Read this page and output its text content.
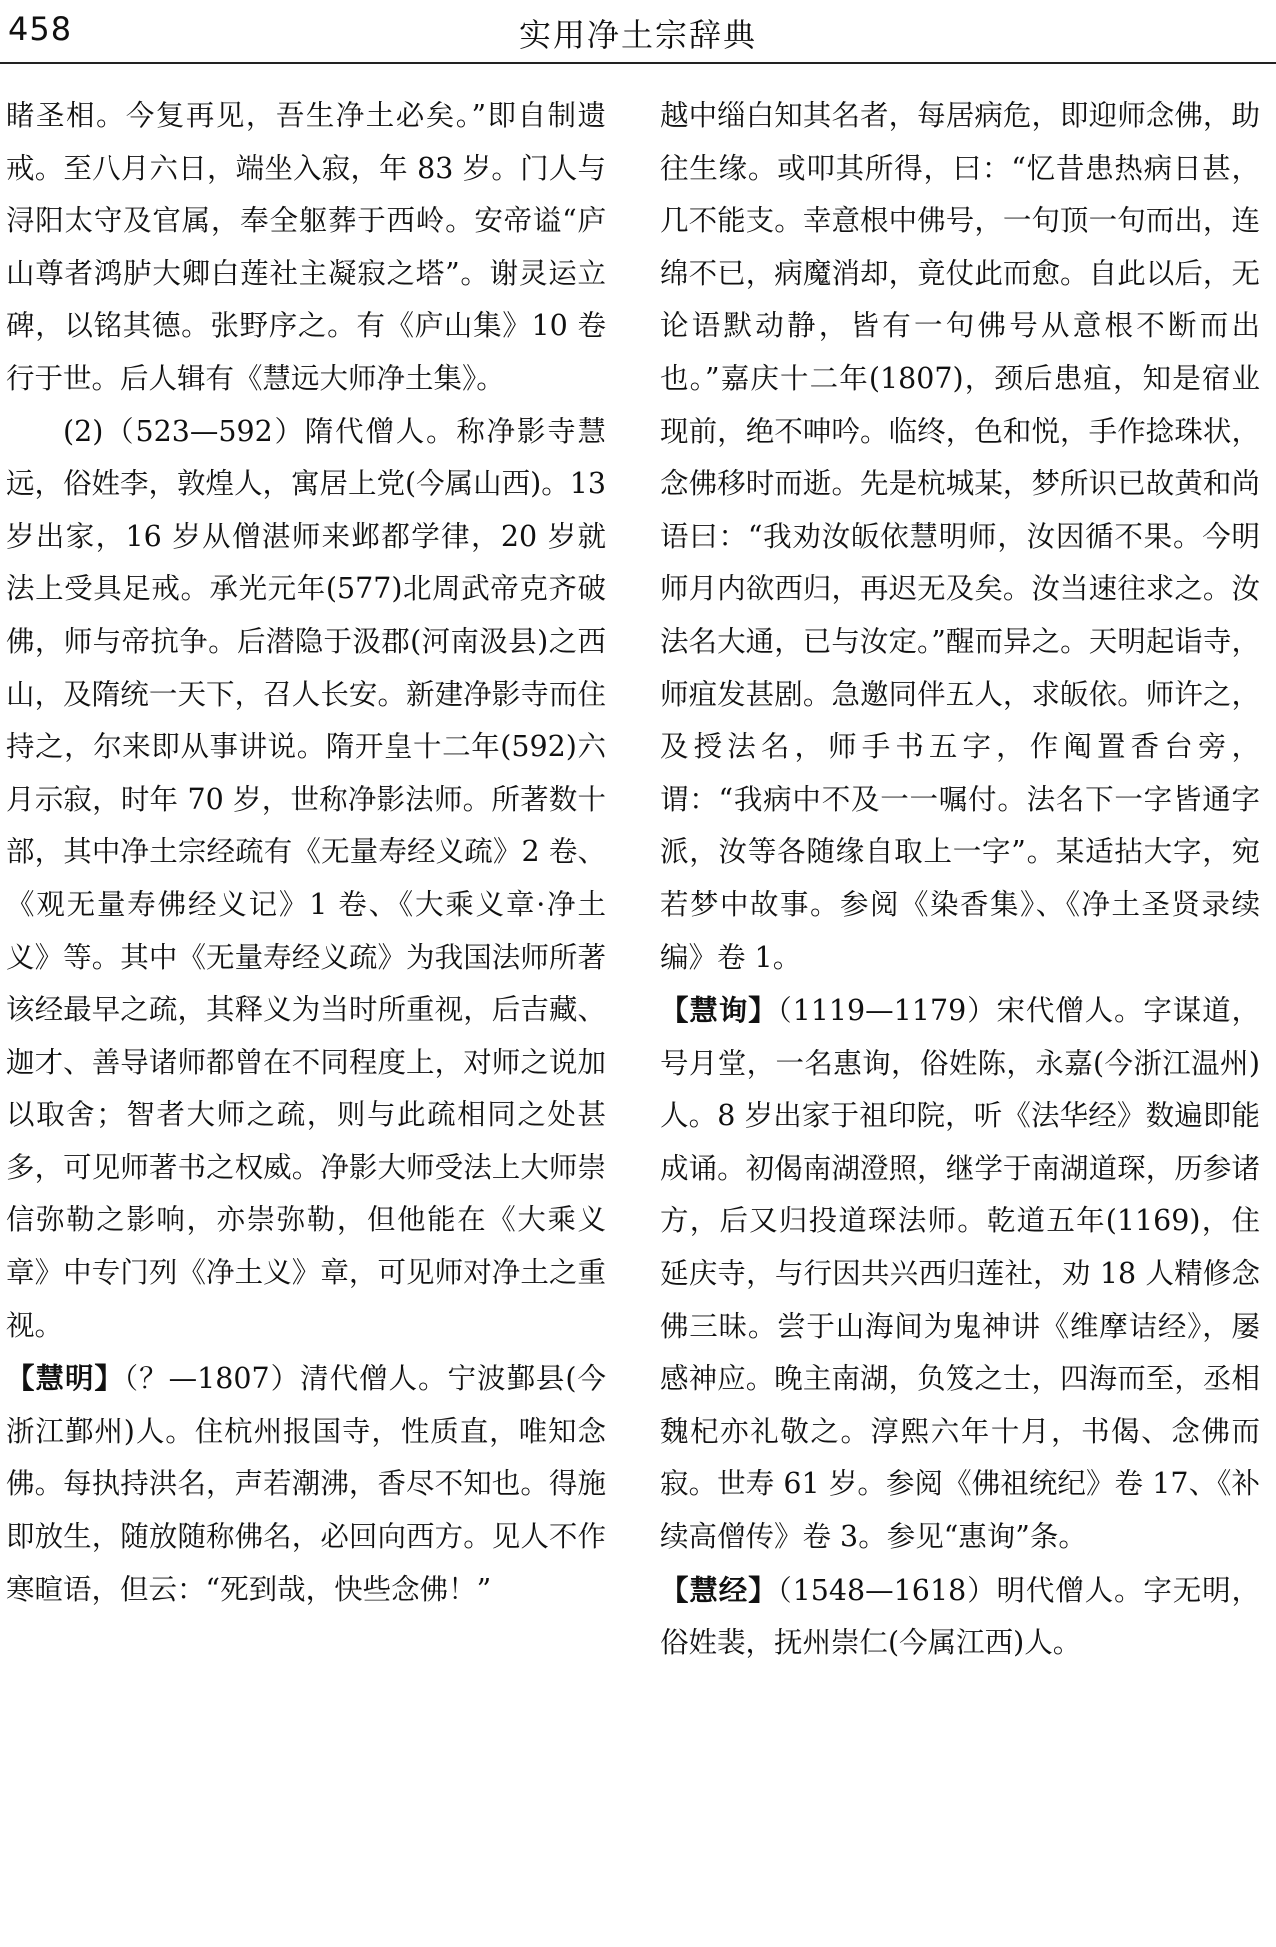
458	实用净土宗辞典

睹圣相。今复再见，吾生净土必矣。”即自制遗戒。至八月六日，端坐入寂，年 83 岁。门人与浔阳太守及官属，奉全躯葬于西岭。安帝谥“庐山尊者鸿胪大卿白莲社主凝寂之塔”。谢灵运立碑，以铭其德。张野序之。有《庐山集》10 卷行于世。后人辑有《慧远大师净土集》。

(2)（523—592）隋代僧人。称净影寺慧远，俗姓李，敦煌人，寓居上党(今属山西)。13 岁出家，16 岁从僧湛师来邺都学律，20 岁就法上受具足戒。承光元年(577)北周武帝克齐破佛，师与帝抗争。后潜隐于汲郡(河南汲县)之西山，及隋统一天下，召人长安。新建净影寺而住持之，尔来即从事讲说。隋开皇十二年(592)六月示寂，时年 70 岁，世称净影法师。所著数十部，其中净土宗经疏有《无量寿经义疏》2 卷、《观无量寿佛经义记》1 卷、《大乘义章·净土义》等。其中《无量寿经义疏》为我国法师所著该经最早之疏，其释义为当时所重视，后吉藏、迦才、善导诸师都曾在不同程度上，对师之说加以取舍；智者大师之疏，则与此疏相同之处甚多，可见师著书之权威。净影大师受法上大师崇信弥勒之影响，亦崇弥勒，但他能在《大乘义章》中专门列《净土义》章，可见师对净土之重视。

【慧明】（？—1807）清代僧人。宁波鄞县(今浙江鄞州)人。住杭州报国寺，性质直，唯知念佛。每执持洪名，声若潮沸，香尽不知也。得施即放生，随放随称佛名，必回向西方。见人不作寒暄语，但云：“死到哉，快些念佛！”

越中缁白知其名者，每居病危，即迎师念佛，助往生缘。或叩其所得，曰：“忆昔患热病日甚，几不能支。幸意根中佛号，一句顶一句而出，连绵不已，病魔消却，竟仗此而愈。自此以后，无论语默动静，皆有一句佛号从意根不断而出也。”嘉庆十二年(1807)，颈后患疽，知是宿业现前，绝不呻吟。临终，色和悦，手作捻珠状，念佛移时而逝。先是杭城某，梦所识已故黄和尚语曰：“我劝汝皈依慧明师，汝因循不果。今明师月内欲西归，再迟无及矣。汝当速往求之。汝法名大通，已与汝定。”醒而异之。天明起诣寺，师疽发甚剧。急邀同伴五人，求皈依。师许之，及授法名，师手书五字，作阄置香台旁，谓：“我病中不及一一嘱付。法名下一字皆通字派，汝等各随缘自取上一字”。某适拈大字，宛若梦中故事。参阅《染香集》、《净土圣贤录续编》卷 1。

【慧询】（1119—1179）宋代僧人。字谋道，号月堂，一名惠询，俗姓陈，永嘉(今浙江温州)人。8 岁出家于祖印院，听《法华经》数遍即能成诵。初偈南湖澄照，继学于南湖道琛，历参诸方，后又归投道琛法师。乾道五年(1169)，住延庆寺，与行因共兴西归莲社，劝 18 人精修念佛三昧。尝于山海间为鬼神讲《维摩诘经》，屡感神应。晚主南湖，负笈之士，四海而至，丞相魏杞亦礼敬之。淳熙六年十月，书偈、念佛而寂。世寿 61 岁。参阅《佛祖统纪》卷 17、《补续高僧传》卷 3。参见“惠询”条。

【慧经】（1548—1618）明代僧人。字无明，俗姓裴，抚州崇仁(今属江西)人。
